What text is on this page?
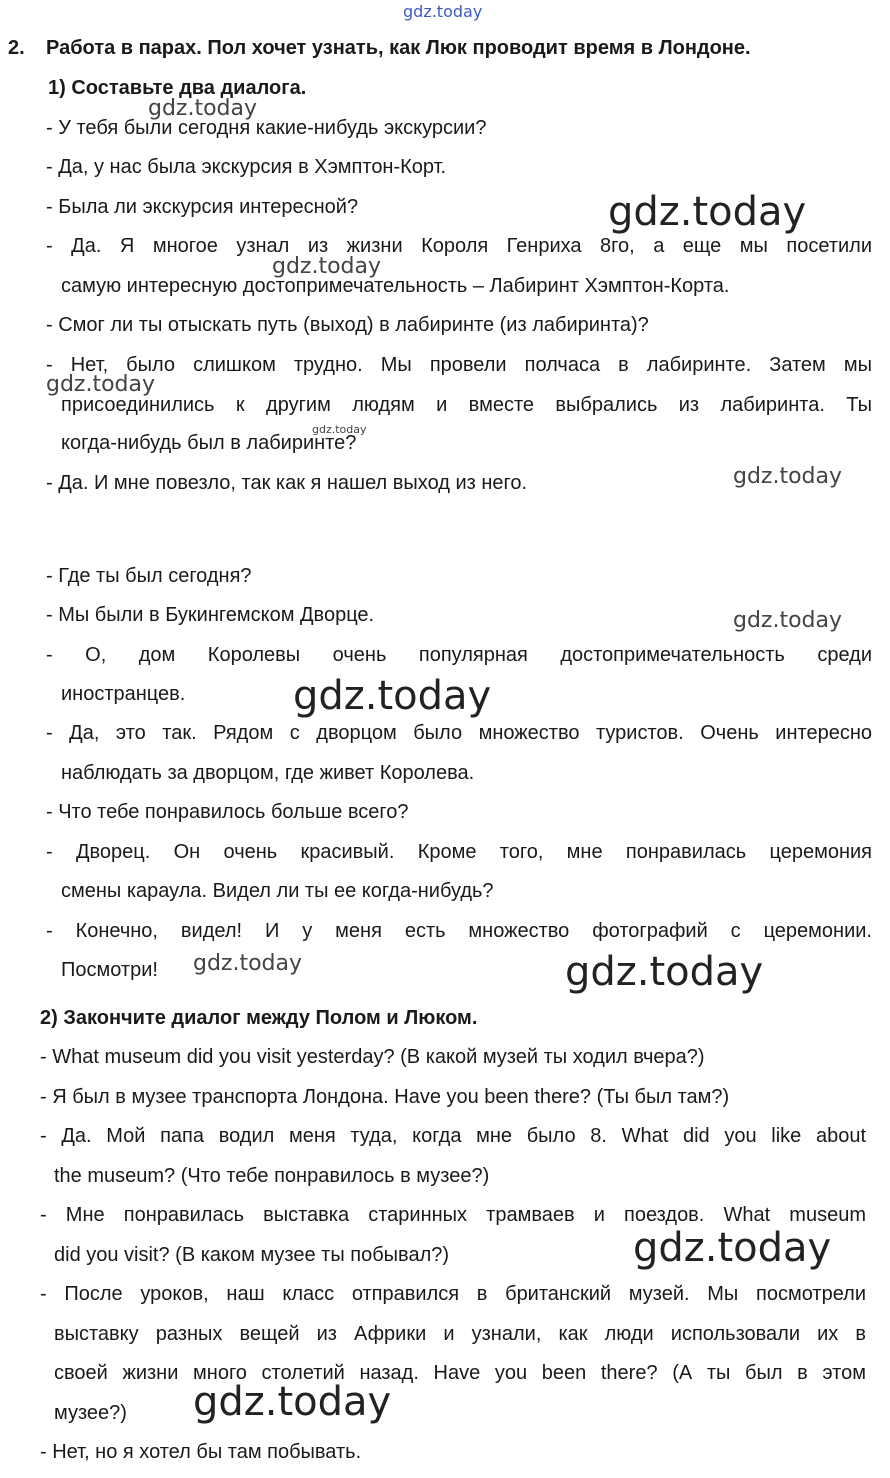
gdz.today
gdz.today
gdz.today
gdz.today
gdz.today
gdz.today
gdz.today
gdz.today
gdz.today
gdz.today	gdz.today
gdz.today
gdz.today
2. Работа в парах. Пол хочет узнать, как Люк проводит время в Лондоне.
1) Составьте два диалога.
- У тебя были сегодня какие-нибудь экскурсии?
- Да, у нас была экскурсия в Хэмптон-Корт.
- Была ли экскурсия интересной?
- Да. Я многое узнал из жизни Короля Генриха 8го, а еще мы посетили
самую интересную достопримечательность – Лабиринт Хэмптон-Корта.
- Смог ли ты отыскать путь (выход) в лабиринте (из лабиринта)?
- Нет, было слишком трудно. Мы провели полчаса в лабиринте. Затем мы
присоединились к другим людям и вместе выбрались из лабиринта. Ты
когда-нибудь был в лабиринте?
- Да. И мне повезло, так как я нашел выход из него.
- Где ты был сегодня?
- Мы были в Букингемском Дворце.
- О, дом Королевы очень популярная достопримечательность среди
иностранцев.
- Да, это так. Рядом с дворцом было множество туристов. Очень интересно
наблюдать за дворцом, где живет Королева.
- Что тебе понравилось больше всего?
- Дворец. Он очень красивый. Кроме того, мне понравилась церемония
смены караула. Видел ли ты ее когда-нибудь?
- Конечно, видел! И у меня есть множество фотографий с церемонии.
Посмотри!
2) Закончите диалог между Полом и Люком.
- What museum did you visit yesterday? (В какой музей ты ходил вчера?)
- Я был в музее транспорта Лондона. Have you been there? (Ты был там?)
- Да. Мой папа водил меня туда, когда мне было 8. What did you like about
the museum? (Что тебе понравилось в музее?)
- Мне понравилась выставка старинных трамваев и поездов. What museum
did you visit? (В каком музее ты побывал?)
- После уроков, наш класс отправился в британский музей. Мы посмотрели
выставку разных вещей из Африки и узнали, как люди использовали их в
своей жизни много столетий назад. Have you been there? (А ты был в этом
музее?)
- Нет, но я хотел бы там побывать.
